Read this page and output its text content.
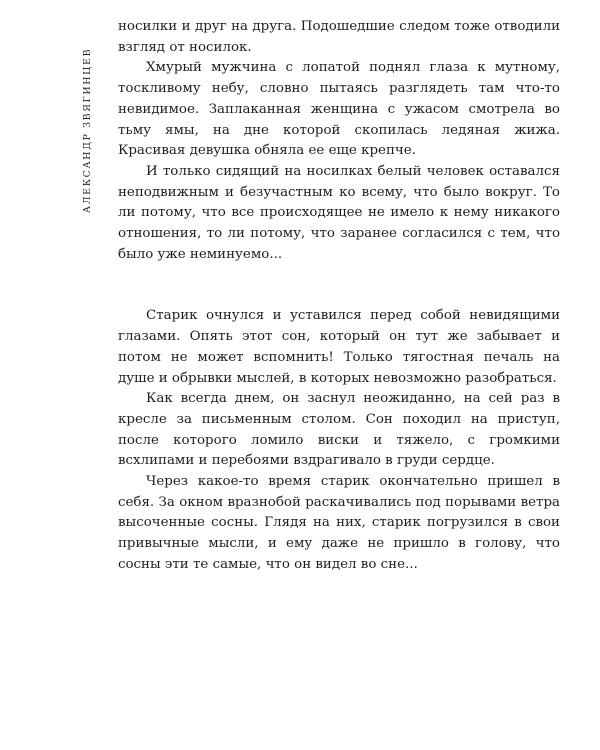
АЛЕКСАНДР ЗВЯГИНЦЕВ

носилки и друг на друга. Подошедшие следом тоже отводили взгляд от носилок.

Хмурый мужчина с лопатой поднял глаза к мутному, тоскливому небу, словно пытаясь разглядеть там что-то невидимое. Заплаканная женщина с ужасом смотрела во тьму ямы, на дне которой скопилась ледяная жижа. Красивая девушка обняла ее еще крепче.

И только сидящий на носилках белый человек оставался неподвижным и безучастным ко всему, что было вокруг. То ли потому, что все происходящее не имело к нему никакого отношения, то ли потому, что заранее согласился с тем, что было уже неминуемо...

Старик очнулся и уставился перед собой невидящими глазами. Опять этот сон, который он тут же забывает и потом не может вспомнить! Только тягостная печаль на душе и обрывки мыслей, в которых невозможно разобраться.

Как всегда днем, он заснул неожиданно, на сей раз в кресле за письменным столом. Сон походил на приступ, после которого ломило виски и тяжело, с громкими всхлипами и перебоями вздрагивало в груди сердце.

Через какое-то время старик окончательно пришел в себя. За окном вразнобой раскачивались под порывами ветра высоченные сосны. Глядя на них, старик погрузился в свои привычные мысли, и ему даже не пришло в голову, что сосны эти те самые, что он видел во сне...
